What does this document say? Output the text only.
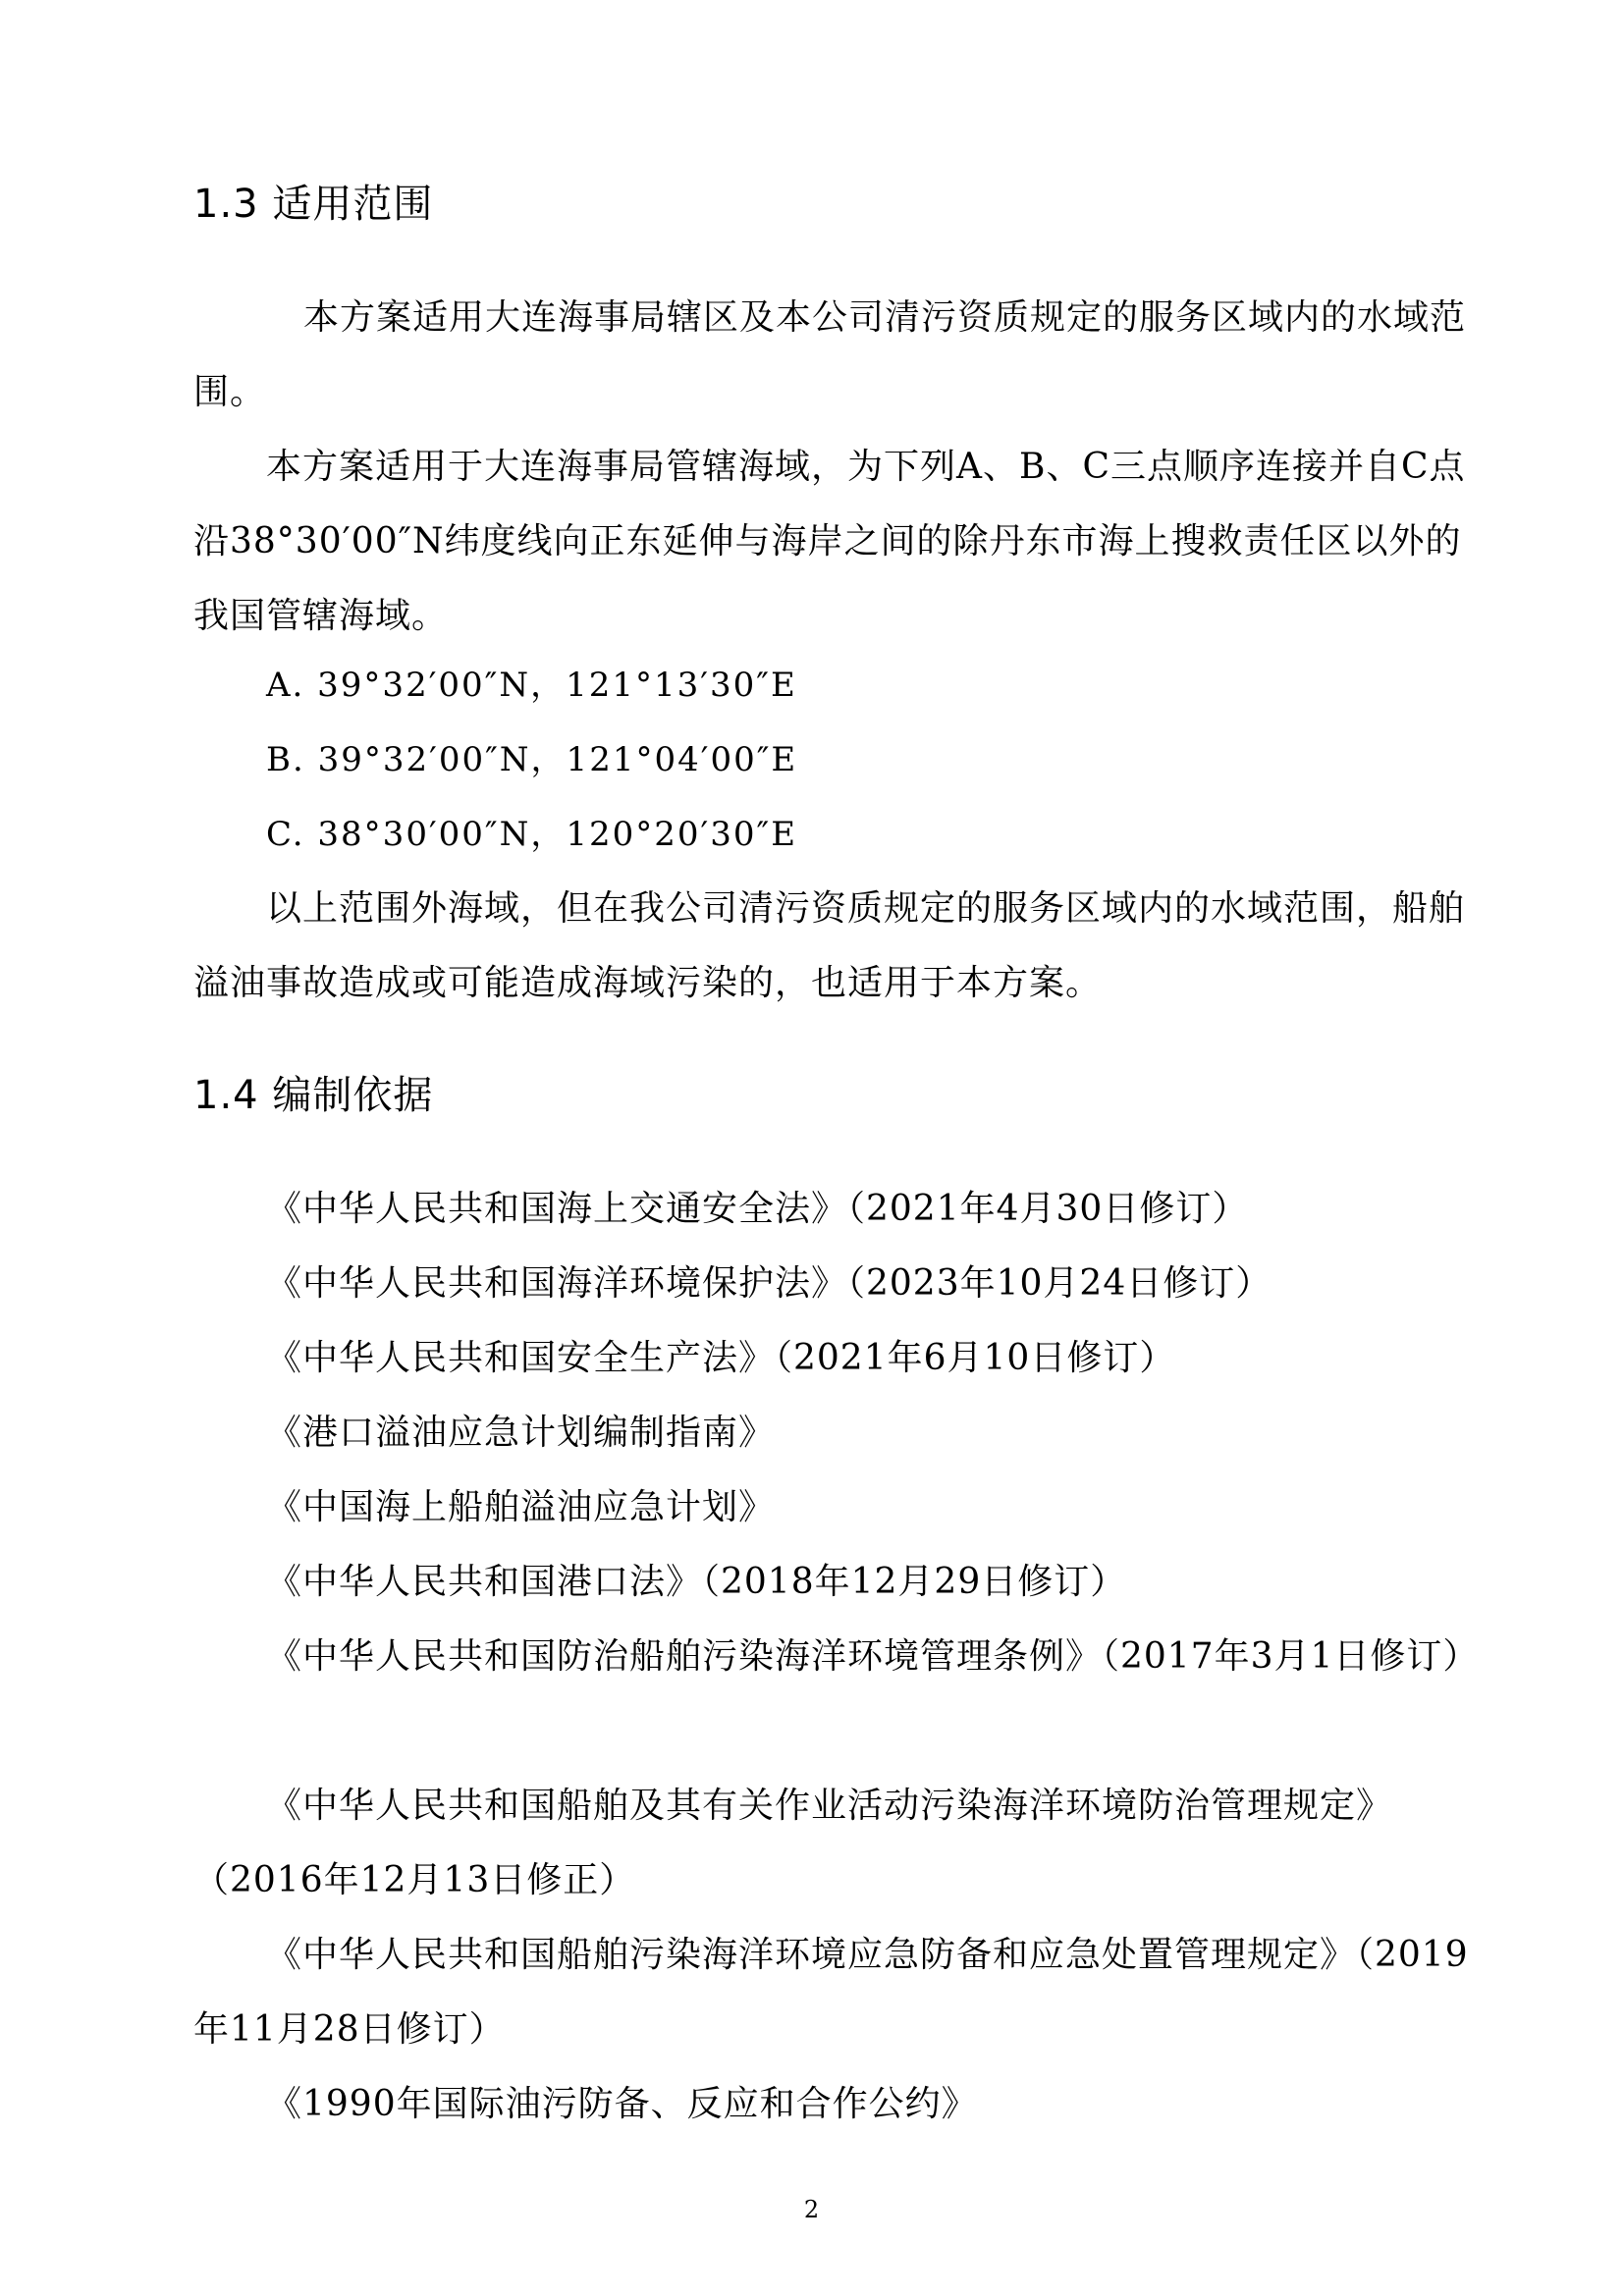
1.3 适用范围
本方案适用大连海事局辖区及本公司清污资质规定的服务区域内的水域范围。
本方案适用于大连海事局管辖海域，为下列A、B、C三点顺序连接并自C点沿38°30′00″N纬度线向正东延伸与海岸之间的除丹东市海上搜救责任区以外的我国管辖海域。
A. 39°32′00″N，121°13′30″E
B. 39°32′00″N，121°04′00″E
C. 38°30′00″N，120°20′30″E
以上范围外海域，但在我公司清污资质规定的服务区域内的水域范围，船舶溢油事故造成或可能造成海域污染的，也适用于本方案。
1.4 编制依据
《中华人民共和国海上交通安全法》（2021年4月30日修订）
《中华人民共和国海洋环境保护法》（2023年10月24日修订）
《中华人民共和国安全生产法》（2021年6月10日修订）
《港口溢油应急计划编制指南》
《中国海上船舶溢油应急计划》
《中华人民共和国港口法》（2018年12月29日修订）
《中华人民共和国防治船舶污染海洋环境管理条例》（2017年3月1日修订）
《中华人民共和国船舶及其有关作业活动污染海洋环境防治管理规定》（2016年12月13日修正）
《中华人民共和国船舶污染海洋环境应急防备和应急处置管理规定》（2019年11月28日修订）
《1990年国际油污防备、反应和合作公约》
2
